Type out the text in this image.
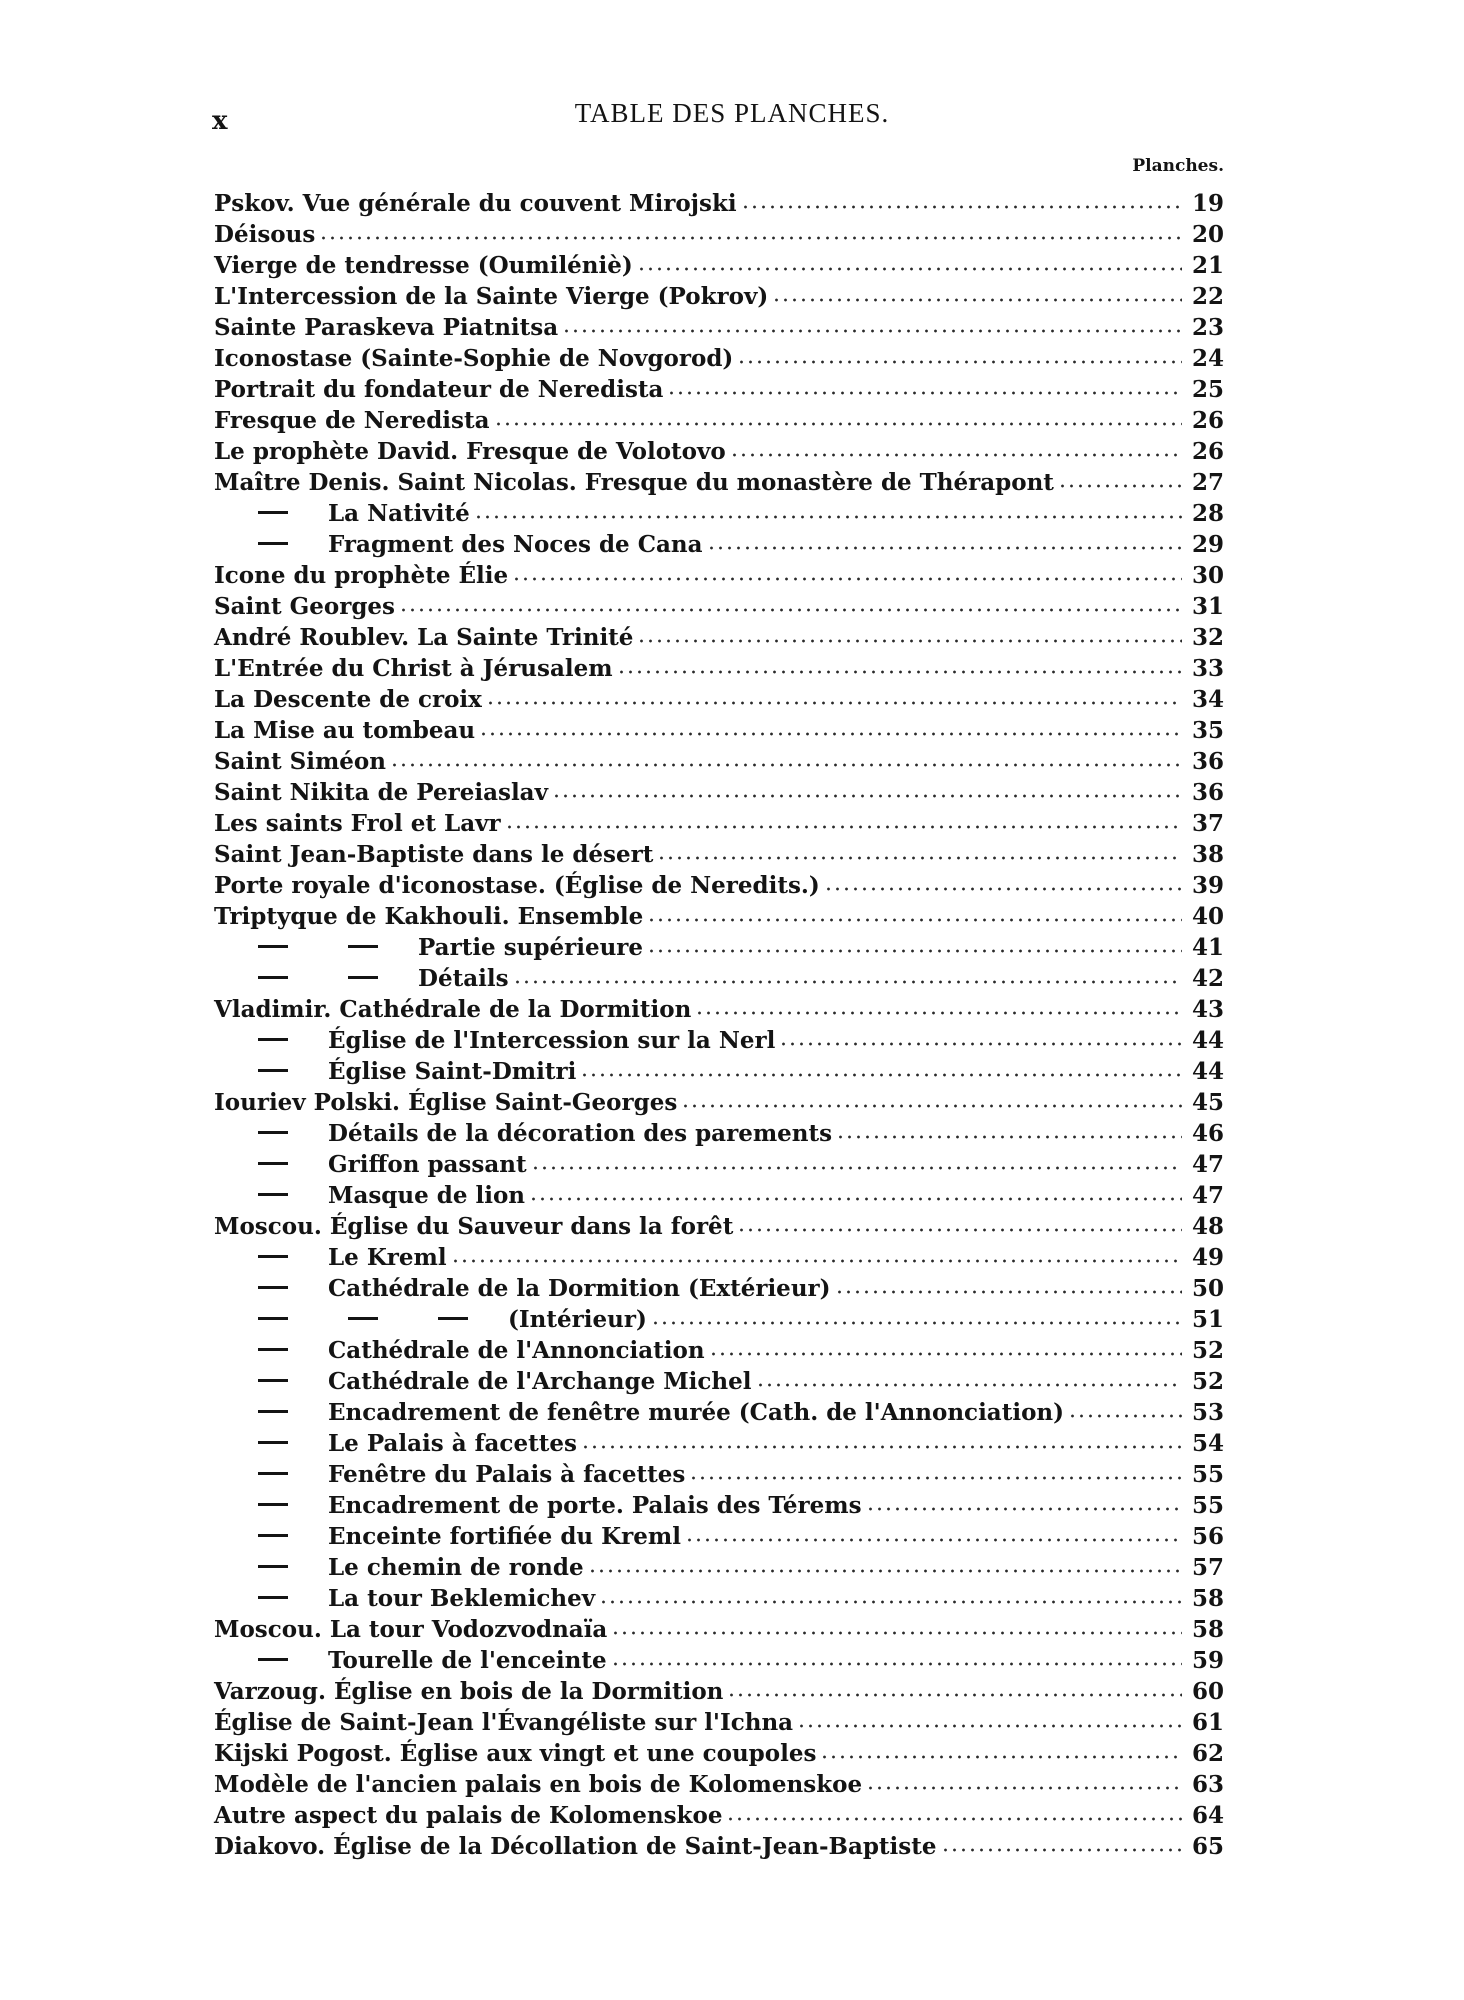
x	TABLE DES PLANCHES.
Planches.
Pskov. Vue générale du couvent Mirojski	19
Déisous	20
Vierge de tendresse (Oumiléniè)	21
L'Intercession de la Sainte Vierge (Pokrov)	22
Sainte Paraskeva Piatnitsa	23
Iconostase (Sainte-Sophie de Novgorod)	24
Portrait du fondateur de Neredista	25
Fresque de Neredista	26
Le prophète David. Fresque de Volotovo	26
Maître Denis. Saint Nicolas. Fresque du monastère de Thérapont	27
La Nativité	28
Fragment des Noces de Cana	29
Icone du prophète Élie	30
Saint Georges	31
André Roublev. La Sainte Trinité	32
L'Entrée du Christ à Jérusalem	33
La Descente de croix	34
La Mise au tombeau	35
Saint Siméon	36
Saint Nikita de Pereiaslav	36
Les saints Frol et Lavr	37
Saint Jean-Baptiste dans le désert	38
Porte royale d'iconostase. (Église de Neredits.)	39
Triptyque de Kakhouli. Ensemble	40
Partie supérieure	41
Détails	42
Vladimir. Cathédrale de la Dormition	43
Église de l'Intercession sur la Nerl	44
Église Saint-Dmitri	44
Iouriev Polski. Église Saint-Georges	45
Détails de la décoration des parements	46
Griffon passant	47
Masque de lion	47
Moscou. Église du Sauveur dans la forêt	48
Le Kreml	49
Cathédrale de la Dormition (Extérieur)	50
(Intérieur)	51
Cathédrale de l'Annonciation	52
Cathédrale de l'Archange Michel	52
Encadrement de fenêtre murée (Cath. de l'Annonciation)	53
Le Palais à facettes	54
Fenêtre du Palais à facettes	55
Encadrement de porte. Palais des Térems	55
Enceinte fortifiée du Kreml	56
Le chemin de ronde	57
La tour Beklemichev	58
Moscou. La tour Vodozvodnaïa	58
Tourelle de l'enceinte	59
Varzoug. Église en bois de la Dormition	60
Église de Saint-Jean l'Évangéliste sur l'Ichna	61
Kijski Pogost. Église aux vingt et une coupoles	62
Modèle de l'ancien palais en bois de Kolomenskoe	63
Autre aspect du palais de Kolomenskoe	64
Diakovo. Église de la Décollation de Saint-Jean-Baptiste	65
